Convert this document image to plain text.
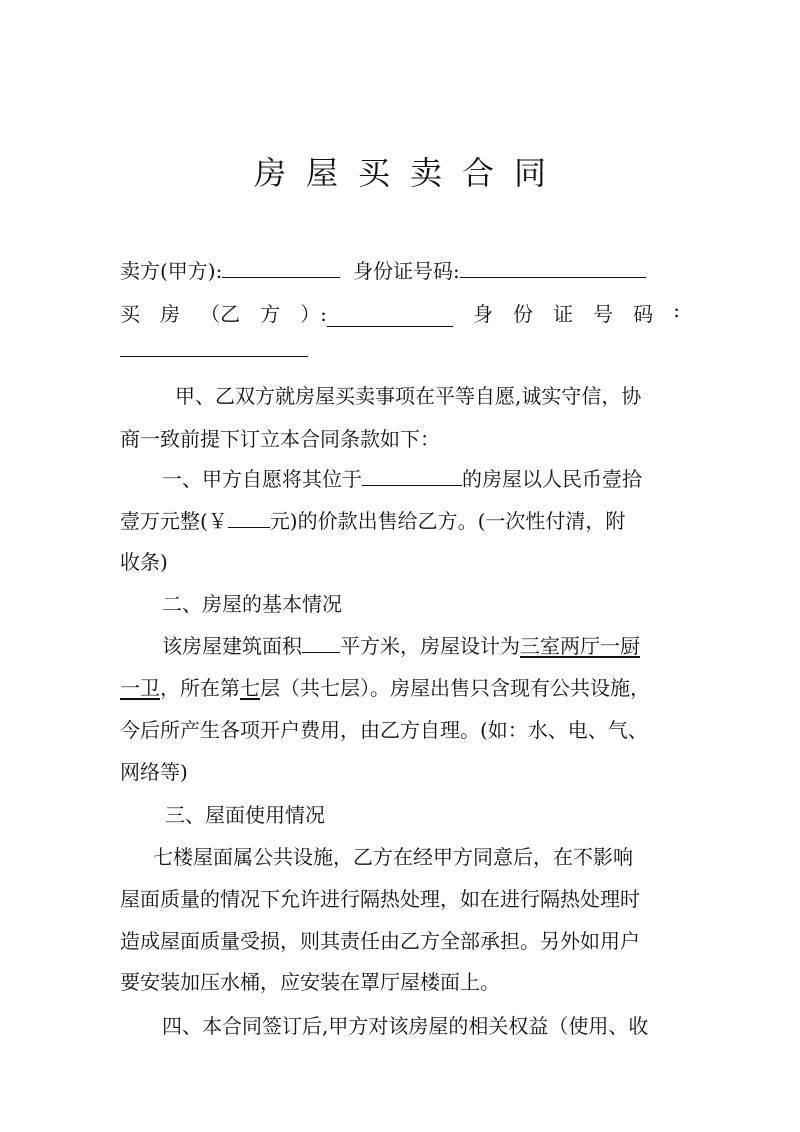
房屋买卖合同
卖方(甲方):	身份证号码:
买 房 （乙 方 ）:	身 份 证 号 码 :
甲、乙双方就房屋买卖事项在平等自愿,诚实守信，协
商一致前提下订立本合同条款如下：
一、甲方自愿将其位于	的房屋以人民币壹拾
壹万元整(￥ 元)的价款出售给乙方。(一次性付清，附
收条)
二、房屋的基本情况
该房屋建筑面积 平方米，房屋设计为三室两厅一厨
一卫，所在第七层（共七层）。房屋出售只含现有公共设施，
今后所产生各项开户费用，由乙方自理。(如：水、电、气、
网络等)
三、屋面使用情况
七楼屋面属公共设施，乙方在经甲方同意后，在不影响
屋面质量的情况下允许进行隔热处理，如在进行隔热处理时
造成屋面质量受损，则其责任由乙方全部承担。另外如用户
要安装加压水桶，应安装在罩厅屋楼面上。
四、本合同签订后,甲方对该房屋的相关权益（使用、收
